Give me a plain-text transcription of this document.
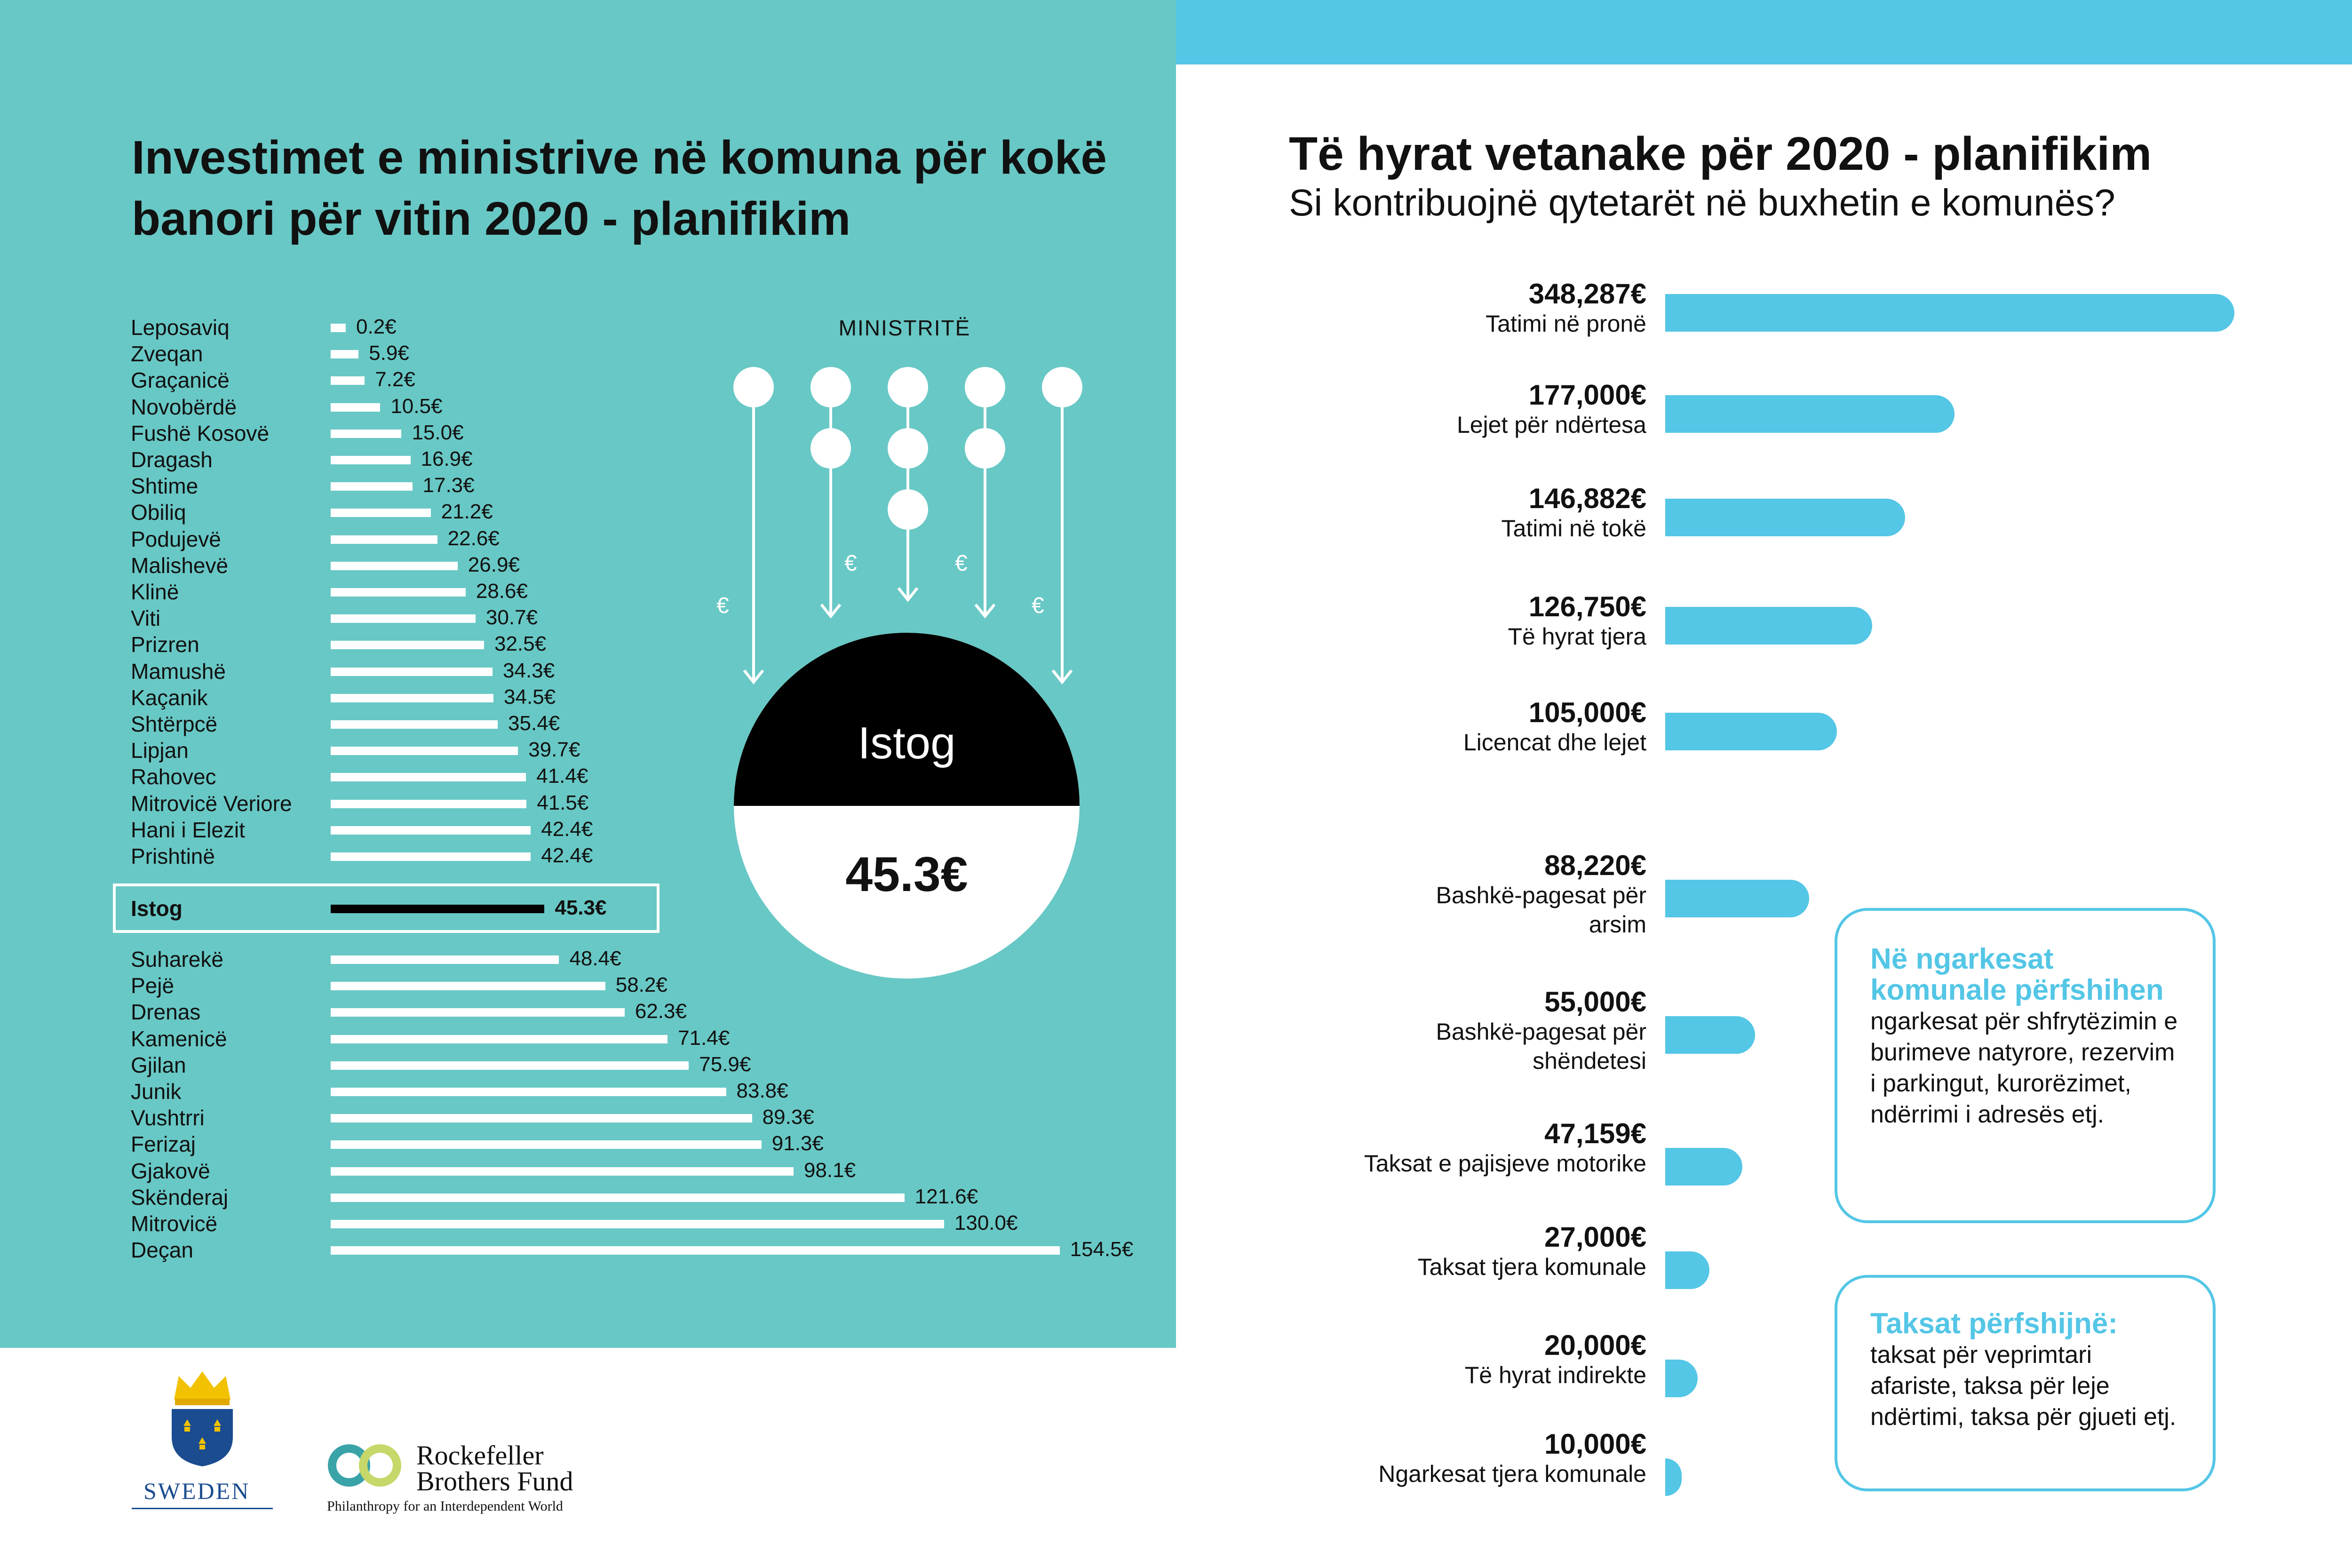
Investimet e ministrive në komuna për kokë banori për vitin 2020 - planifikim
Leposaviq	0.2€
Zveqan	5.9€
Graçanicë	7.2€
Novobërdë	10.5€
Fushë Kosovë	15.0€
Dragash	16.9€
Shtime	17.3€
Obiliq	21.2€
Podujevë	22.6€
Malishevë	26.9€
Klinë	28.6€
Viti	30.7€
Prizren	32.5€
Mamushë	34.3€
Kaçanik	34.5€
Shtërpcë	35.4€
Lipjan	39.7€
Rahovec	41.4€
Mitrovicë Veriore	41.5€
Hani i Elezit	42.4€
Prishtinë	42.4€
Istog	45.3€
Suharekë	48.4€
Pejë	58.2€
Drenas	62.3€
Kamenicë	71.4€
Gjilan	75.9€
Junik	83.8€
Vushtrri	89.3€
Ferizaj	91.3€
Gjakovë	98.1€
Skënderaj	121.6€
Mitrovicë	130.0€
Deçan	154.5€
MINISTRITË
€
€	€
€
Istog
45.3€
Të hyrat vetanake për 2020 - planifikim
Si kontribuojnë qytetarët në buxhetin e komunës?
348,287€
Tatimi në pronë
177,000€
Lejet për ndërtesa
146,882€
Tatimi në tokë
126,750€
Të hyrat tjera
105,000€
Licencat dhe lejet
88,220€
Bashkë-pagesat për
arsim
55,000€
Bashkë-pagesat për
shëndetesi
47,159€
Taksat e pajisjeve motorike
27,000€
Taksat tjera komunale
20,000€
Të hyrat indirekte
10,000€
Ngarkesat tjera komunale
Në ngarkesat komunale përfshihen
ngarkesat për shfrytëzimin e burimeve natyrore, rezervim i parkingut, kurorëzimet, ndërrimi i adresës etj.
Taksat përfshijnë:
taksat për veprimtari afariste, taksa për leje ndërtimi, taksa për gjueti etj.
SWEDEN
Rockefeller
Brothers Fund
Philanthropy for an Interdependent World
